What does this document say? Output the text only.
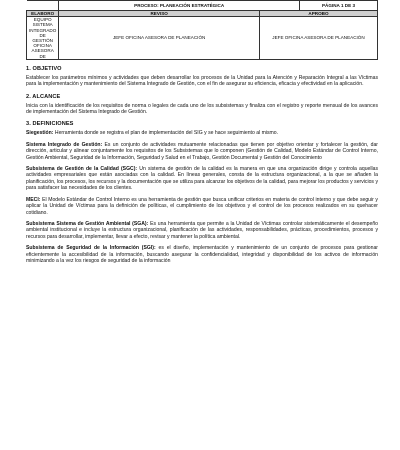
	PROCESO: PLANEACIÓN ESTRATÉGICA		PÁGINA 1 DE 3
ELABORO	REVISO	APROBO	
EQUIPO SISTEMA INTEGRADO DE GESTIÓN OFICINA ASESORA DE	JEFE OFICINA ASESORA DE PLANEACIÓN	JEFE OFICINA ASESORA DE PLANEACIÓN	
1. OBJETIVO

Establecer los parámetros mínimos y actividades que deben desarrollar los procesos de la Unidad para la Atención y Reparación Integral a las Víctimas para la implementación y mantenimiento del Sistema Integrado de Gestión, con el fin de asegurar su eficiencia, eficacia y efectividad en la aplicación.

2. ALCANCE

Inicia con la identificación de los requisitos de norma o legales de cada uno de los subsistemas y finaliza con el registro y reporte mensual de los avances de implementación del Sistema Integrado de Gestión.

3. DEFINICIONES

Siegestión: Herramienta donde se registra el plan de implementación del SIG y se hace seguimiento al mismo.

Sistema Integrado de Gestión: Es un conjunto de actividades mutuamente relacionadas que tienen por objetivo orientar y fortalecer la gestión, dar dirección, articular y alinear conjuntamente los requisitos de los Subsistemas que lo componen (Gestión de Calidad, Modelo Estándar de Control Interno, Gestión Ambiental, Seguridad de la Información, Seguridad y Salud en el Trabajo, Gestión Documental y Gestión del Conocimiento

Subsistema de Gestión de la Calidad (SGC): Un sistema de gestión de la calidad es la manera en que una organización dirige y controla aquellas actividades empresariales que están asociadas con la calidad. En líneas generales, consta de la estructura organizacional, a la que se añaden la planificación, los procesos, los recursos y la documentación que se utiliza para alcanzar los objetivos de la calidad, para mejorar los productos y servicios y para satisfacer las necesidades de los clientes.

MECI: El Modelo Estándar de Control Interno es una herramienta de gestión que busca unificar criterios en materia de control interno y que debe seguir y aplicar la Unidad de Víctimas para la definición de políticas, el cumplimiento de los objetivos y el control de los procesos realizados en su quehacer cotidiano.

Subsistema Sistema de Gestión Ambiental (SGA): Es una herramienta que permite a la Unidad de Víctimas controlar sistemáticamente el desempeño ambiental institucional e incluye la estructura organizacional, planificación de las actividades, responsabilidades, prácticas, procedimientos, procesos y recursos para desarrollar, implementar, llevar a efecto, revisar y mantener la política ambiental.

Subsistema de Seguridad de la Información (SGI): es el diseño, implementación y mantenimiento de un conjunto de procesos para gestionar eficientemente la accesibilidad de la información, buscando asegurar la confidencialidad, integridad y disponibilidad de los activos de información minimizando a la vez los riesgos de seguridad de la información
